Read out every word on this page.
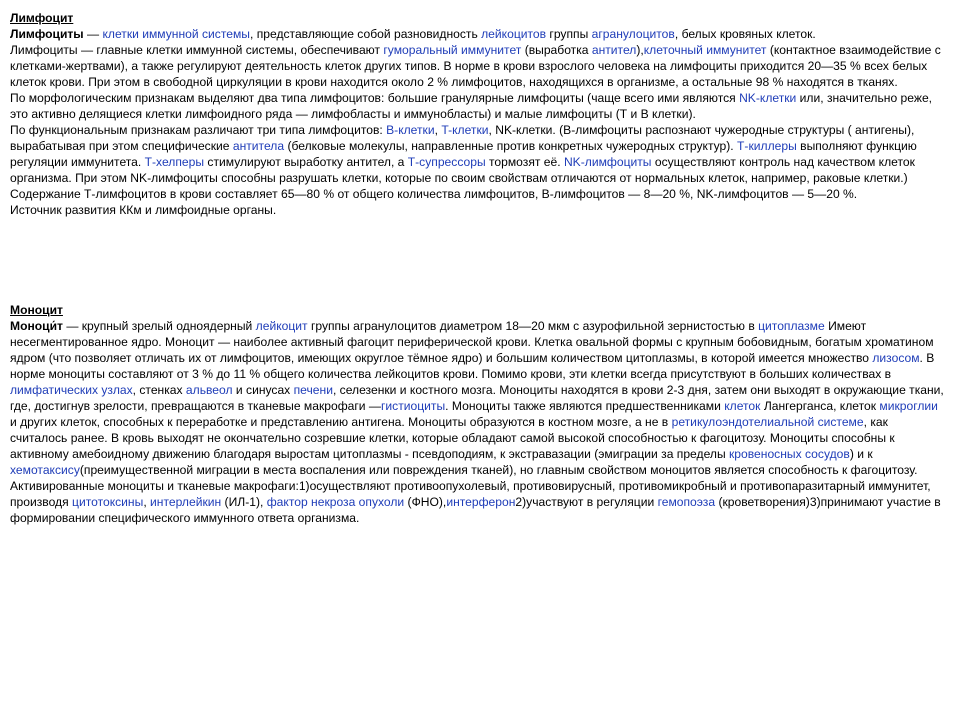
Лимфоцит

Лимфоциты — клетки иммунной системы, представляющие собой разновидность лейкоцитов группы агранулоцитов, белых кровяных клеток.

Лимфоциты — главные клетки иммунной системы, обеспечивают гуморальный иммунитет (выработка антител),клеточный иммунитет (контактное взаимодействие с клетками-жертвами), а также регулируют деятельность клеток других типов. В норме в крови взрослого человека на лимфоциты приходится 20—35 % всех белых клеток крови. При этом в свободной циркуляции в крови находится около 2 % лимфоцитов, находящихся в организме, а остальные 98 % находятся в тканях.

По морфологическим признакам выделяют два типа лимфоцитов: большие гранулярные лимфоциты (чаще всего ими являются NK-клетки или, значительно реже, это активно делящиеся клетки лимфоидного ряда — лимфобласты и иммунобласты) и малые лимфоциты (Т и В клетки).

По функциональным признакам различают три типа лимфоцитов: B-клетки, T-клетки, NK-клетки. (В-лимфоциты распознают чужеродные структуры ( антигены), вырабатывая при этом специфические антитела (белковые молекулы, направленные против конкретных чужеродных структур). Т-киллеры выполняют функцию регуляции иммунитета. Т-хелперы стимулируют выработку антител, а Т-супрессоры тормозят её. NK-лимфоциты осуществляют контроль над качеством клеток организма. При этом NK-лимфоциты способны разрушать клетки, которые по своим свойствам отличаются от нормальных клеток, например, раковые клетки.) Содержание Т-лимфоцитов в крови составляет 65—80 % от общего количества лимфоцитов, В-лимфоцитов — 8—20 %, NK-лимфоцитов — 5—20 %.

Источник развития ККм и лимфоидные органы.

Моноцит

Моноци́т — крупный зрелый одноядерный лейкоцит группы агранулоцитов диаметром 18—20 мкм с азурофильной зернистостью в цитоплазме Имеют несегментированное ядро. Моноцит — наиболее активный фагоцит периферической крови. Клетка овальной формы с крупным бобовидным, богатым хроматином ядром (что позволяет отличать их от лимфоцитов, имеющих округлое тёмное ядро) и большим количеством цитоплазмы, в которой имеется множество лизосом. В норме моноциты составляют от 3 % до 11 % общего количества лейкоцитов крови. Помимо крови, эти клетки всегда присутствуют в больших количествах в лимфатических узлах, стенках альвеол и синусах печени, селезенки и костного мозга. Моноциты находятся в крови 2-3 дня, затем они выходят в окружающие ткани, где, достигнув зрелости, превращаются в тканевые макрофаги —гистиоциты. Моноциты также являются предшественниками клеток Лангерганса, клеток микроглии и других клеток, способных к переработке и представлению антигена. Моноциты образуются в костном мозге, а не в ретикулоэндотелиальной системе, как считалось ранее. В кровь выходят не окончательно созревшие клетки, которые обладают самой высокой способностью к фагоцитозу. Моноциты способны к активному амебоидному движению благодаря выростам цитоплазмы - псевдоподиям, к экстравазации (эмиграции за пределы кровеносных сосудов) и к хемотаксису(преимущественной миграции в места воспаления или повреждения тканей), но главным свойством моноцитов является способность к фагоцитозу. Активированные моноциты и тканевые макрофаги:1)осуществляют противоопухолевый, противовирусный, противомикробный и противопаразитарный иммунитет, производя цитотоксины, интерлейкин (ИЛ-1), фактор некроза опухоли (ФНО),интерферон2)участвуют в регуляции гемопоэза (кроветворения)3)принимают участие в формировании специфического иммунного ответа организма.
